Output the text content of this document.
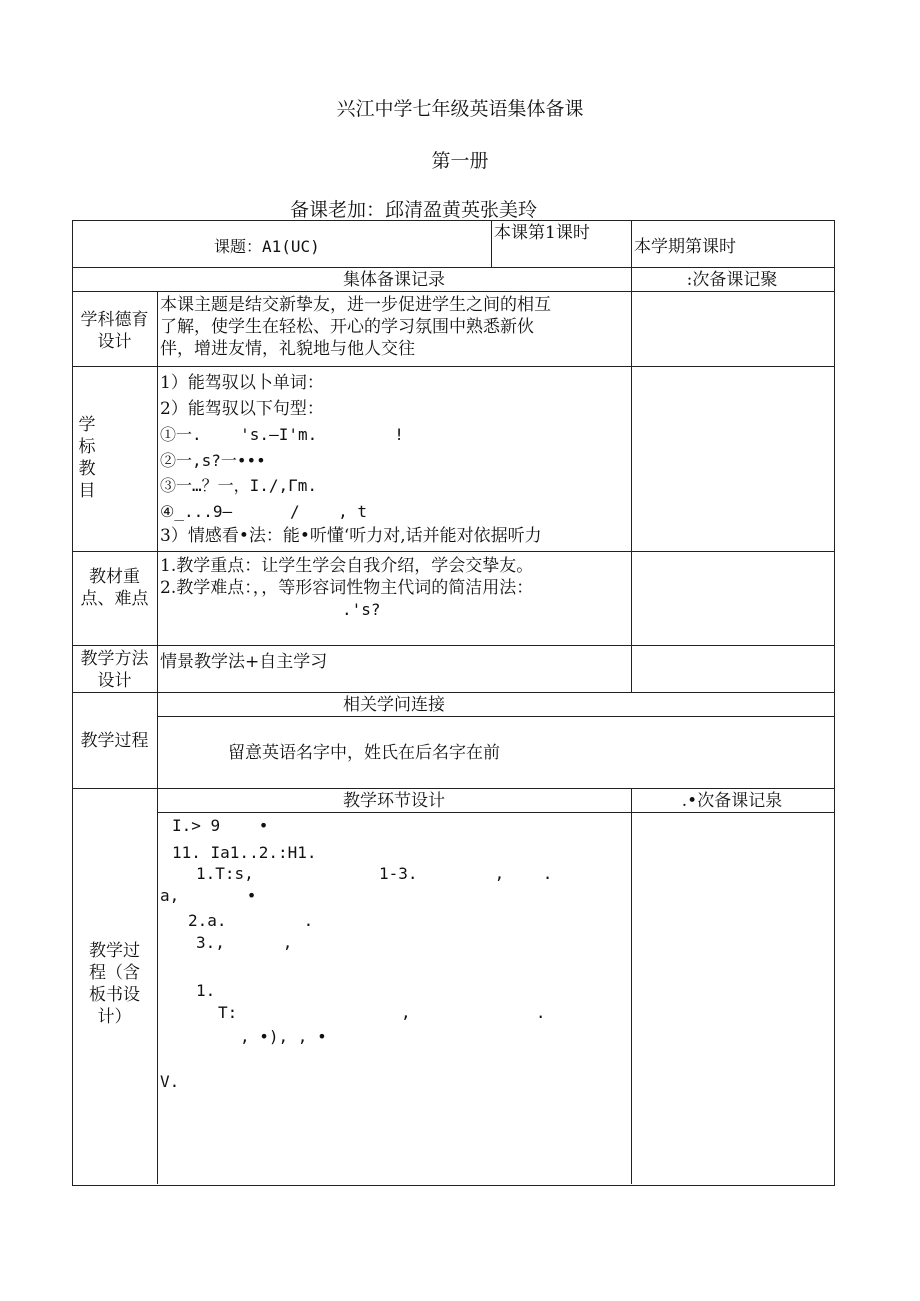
兴江中学七年级英语集体备课
第一册
备课老加：邱清盈黄英张美玲
课题：A1(UC)
本课第1课时
本学期第课时
集体备课记录	:次备课记聚
学科德育
设计
本课主题是结交新挚友，进一步促进学生之间的相互
了解，使学生在轻松、开心的学习氛围中熟悉新伙
伴，增进友情，礼貌地与他人交往
学
标
教
目
1）能驾驭以卜单词：
2）能驾驭以下句型：
①一.    's.—I'm.        !
②一,s?一•••
③一…？一，I./,Γm.
④_...9—      /    , t
3）情感看•法：能•听懂‘听力对,话并能对依据听力
教材重
点、难点
1.教学重点：让学生学会自我介绍，学会交挚友。
2.教学难点：，，等形容词性物主代词的简洁用法：
.'s?
教学方法
设计
情景教学法+自主学习
教学过程
相关学问连接
留意英语名字中，姓氏在后名字在前
教学过
程（含
板书设
计）
教学环节设计	.•次备课记泉
I.> 9    •
11. Ia1..2.:H1.
1.T:s,             1-3.        ,    .
a,       •
2.a.        .
3.,      ,
1.
T:                 ,             .
, •), , •
V.
